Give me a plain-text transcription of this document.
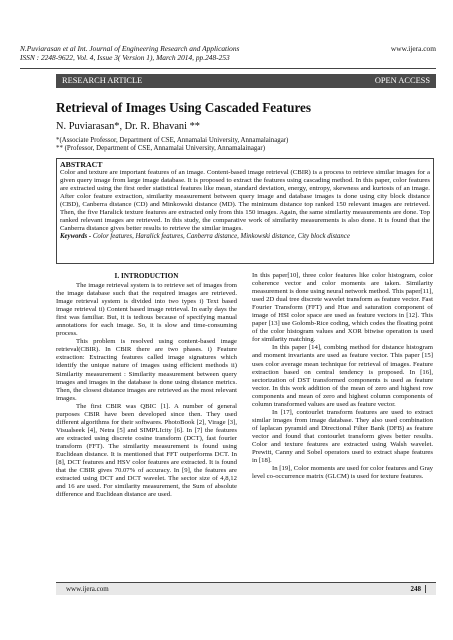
N.Puviarasan et al Int. Journal of Engineering Research and Applications
ISSN : 2248-9622, Vol. 4, Issue 3( Version 1), March 2014, pp.248-253
www.ijera.com
RESEARCH ARTICLE	OPEN ACCESS
Retrieval of Images Using Cascaded Features
N. Puviarasan*, Dr. R. Bhavani **
*(Associate Professor, Department of CSE, Annamalai University, Annamalainagar)
** (Professor, Department of CSE, Annamalai University, Annamalainagar)
ABSTRACT
Color and texture are important features of an image. Content-based image retrieval (CBIR) is a process to retrieve similar images for a given query image from large image database. It is proposed to extract the features using cascading method. In this paper, color features are extracted using the first order statistical features like mean, standard deviation, energy, entropy, skewness and kurtosis of an image. After color feature extraction, similarity measurement between query image and database images is done using city block distance (CBD), Canberra distance (CD) and Minkowski distance (MD). The minimum distance top ranked 150 relevant images are retrieved. Then, the five Haralick texture features are extracted only from this 150 images. Again, the same similarity measurements are done. Top ranked relevant images are retrieved. In this study, the comparative work of similarity measurements is also done. It is found that the Canberra distance gives better results to retrieve the similar images.
Keywords - Color features, Haralick features, Canberra distance, Minkowski distance, City block distance
I. INTRODUCTION

The image retrieval system is to retrieve set of images from the image database such that the required images are retrieved. Image retrieval system is divided into two types i) Text based image retrieval ii) Content based image retrieval. In early days the first was familiar. But, it is tedious because of specifying manual annotations for each image. So, it is slow and time-consuming process.

This problem is resolved using content-based image retrieval(CBIR). In CBIR there are two phases. i) Feature extraction: Extracting features called image signatures which identify the unique nature of images using efficient methods ii) Similarity measurement : Similarity measurement between query images and images in the database is done using distance metrics. Then, the closest distance images are retrieved as the most relevant images.

The first CBIR was QBIC [1]. A number of general purposes CBIR have been developed since then. They used different algorithms for their softwares. PhotoBook [2], Virage [3], Visualseek [4], Netra [5] and SIMPLIcity [6]. In [7] the features are extracted using discrete cosine transform (DCT), fast fourier transform (FFT). The similarity measurement is found using Euclidean distance. It is mentioned that FFT outperforms DCT. In [8], DCT features and HSV color features are extracted. It is found that the CBIR gives 70.07% of accuracy. In [9], the features are extracted using DCT and DCT wavelet. The sector size of 4,8,12 and 16 are used. For similarity measurement, the Sum of absolute difference and Euclidean distance are used.

In this paper[10], three color features like color histogram, color coherence vector and color moments are taken. Similarity measurement is done using neural network method. This paper[11], used 2D dual tree discrete wavelet transform as feature vector. Fast Fourier Transform (FFT) and Hue and saturation component of image of HSI color space are used as feature vectors in [12]. This paper [13] use Golomb-Rice coding, which codes the floating point of the color histogram values and XOR bitwise operation is used for similarity matching.

In this paper [14], combing method for distance histogram and moment invariants are used as feature vector. This paper [15] uses color average mean technique for retrieval of images. Feature extraction based on central tendency is proposed. In [16], sectorization of DST transformed components is used as feature vector. In this work addition of the mean of zero and highest row components and mean of zero and highest column components of column transformed values are used as feature vector.

In [17], contourlet transform features are used to extract similar images from image database. They also used combination of laplacan pyramid and Directional Filter Bank (DFB) as feature vector and found that contourlet transform gives better results. Color and texture features are extracted using Walsh wavelet. Prewitt, Canny and Sobel operators used to extract shape features in [18].

In [19], Color moments are used for color features and Gray level co-occurrence matrix (GLCM) is used for texture features.

www.ijera.com	248
